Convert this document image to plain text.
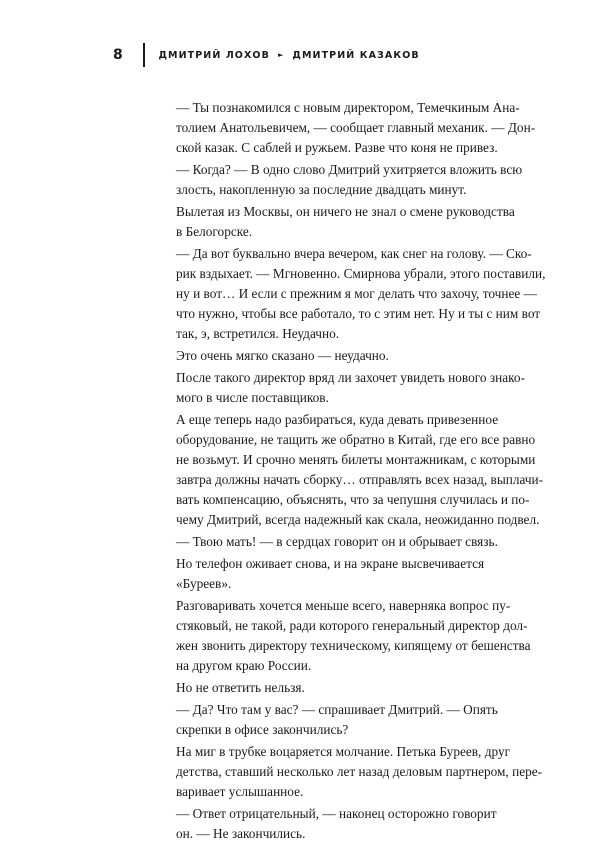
8	ДМИТРИЙ ЛОХОВ ► ДМИТРИЙ КАЗАКОВ

— Ты познакомился с новым директором, Темечкиным Ана-
толием Анатольевичем, — сообщает главный механик. — Дон-
ской казак. С саблей и ружьем. Разве что коня не привез.

— Когда? — В одно слово Дмитрий ухитряется вложить всю
злость, накопленную за последние двадцать минут.

Вылетая из Москвы, он ничего не знал о смене руководства
в Белогорске.

— Да вот буквально вчера вечером, как снег на голову. — Ско-
рик вздыхает. — Мгновенно. Смирнова убрали, этого поставили,
ну и вот… И если с прежним я мог делать что захочу, точнее —
что нужно, чтобы все работало, то с этим нет. Ну и ты с ним вот
так, э, встретился. Неудачно.

Это очень мягко сказано — неудачно.

После такого директор вряд ли захочет увидеть нового знако-
мого в числе поставщиков.

А еще теперь надо разбираться, куда девать привезенное
оборудование, не тащить же обратно в Китай, где его все равно
не возьмут. И срочно менять билеты монтажникам, с которыми
завтра должны начать сборку… отправлять всех назад, выплачи-
вать компенсацию, объяснять, что за чепушня случилась и по-
чему Дмитрий, всегда надежный как скала, неожиданно подвел.

— Твою мать! — в сердцах говорит он и обрывает связь.

Но телефон оживает снова, и на экране высвечивается
«Буреев».

Разговаривать хочется меньше всего, наверняка вопрос пу-
стяковый, не такой, ради которого генеральный директор дол-
жен звонить директору техническому, кипящему от бешенства
на другом краю России.

Но не ответить нельзя.

— Да? Что там у вас? — спрашивает Дмитрий. — Опять
скрепки в офисе закончились?

На миг в трубке воцаряется молчание. Петька Буреев, друг
детства, ставший несколько лет назад деловым партнером, пере-
варивает услышанное.

— Ответ отрицательный, — наконец осторожно говорит
он. — Не закончились.
